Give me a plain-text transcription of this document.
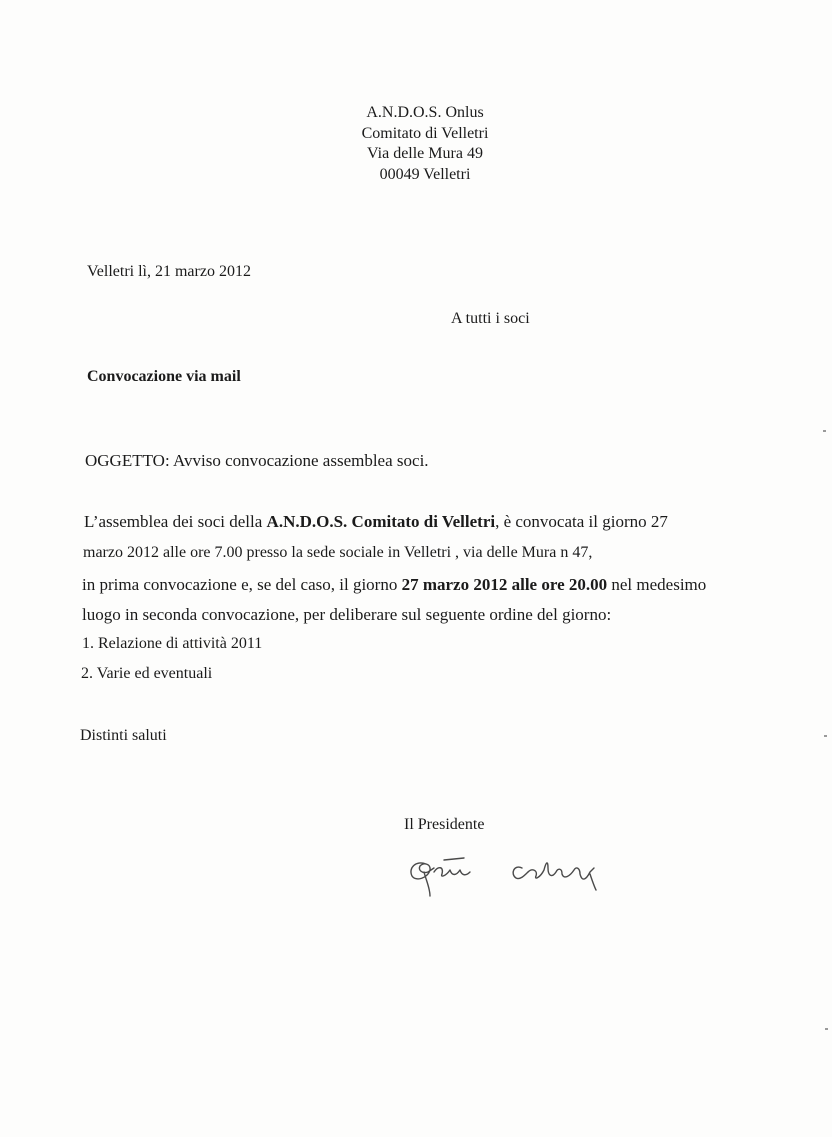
A.N.D.O.S. Onlus
Comitato di Velletri
Via delle Mura 49
00049 Velletri
Velletri lì, 21 marzo 2012
A tutti i soci
Convocazione via mail
OGGETTO: Avviso convocazione assemblea soci.
L’assemblea dei soci della A.N.D.O.S. Comitato di Velletri, è convocata il giorno 27
marzo 2012 alle ore 7.00 presso la sede sociale in Velletri , via delle Mura n 47,
in prima convocazione e, se del caso, il giorno 27 marzo 2012 alle ore 20.00 nel medesimo
luogo in seconda convocazione, per deliberare sul seguente ordine del giorno:
1. Relazione di attività 2011
2. Varie ed eventuali
Distinti saluti
Il Presidente
